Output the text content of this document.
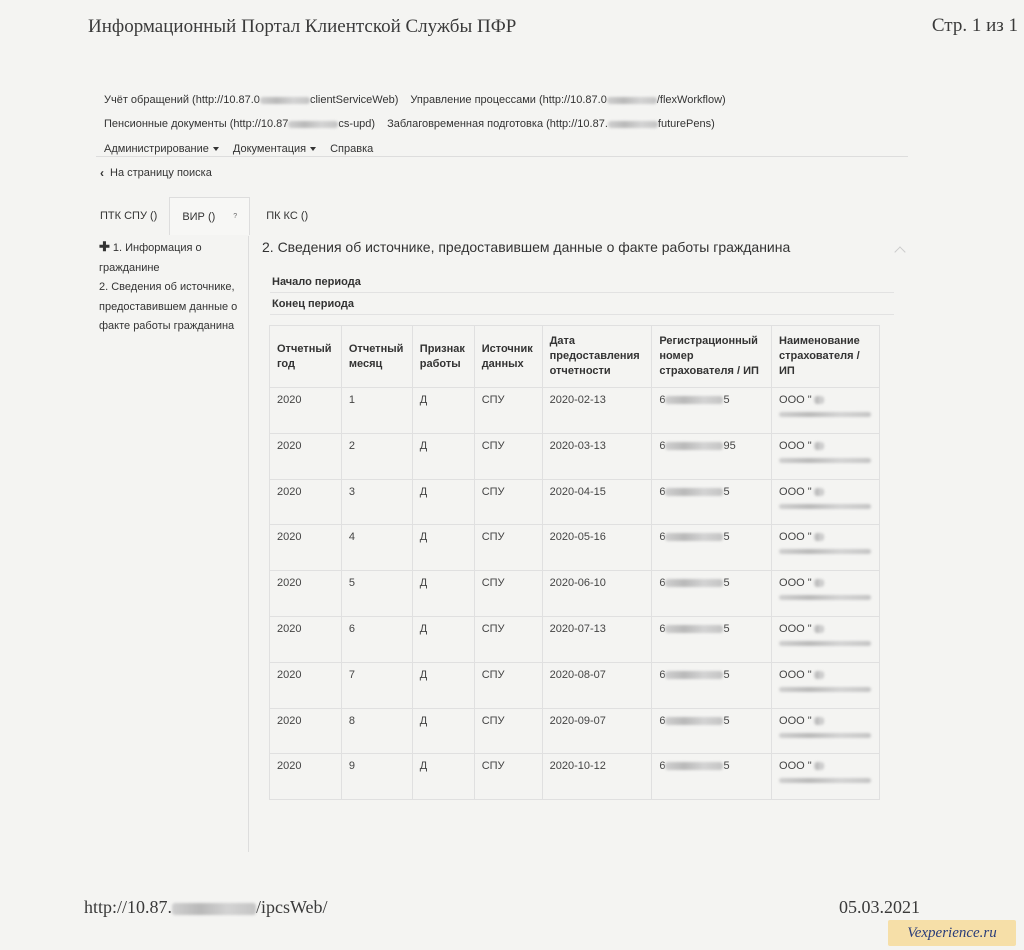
Информационный Портал Клиентской Службы ПФР	Стр. 1 из 1
Учёт обращений (http://10.87.0	clientServiceWeb) Управление процессами (http://10.87.0	/flexWorkflow)
Пенсионные документы (http://10.87	cs-upd) Заблаговременная подготовка (http://10.87.	futurePens)
Администрирование	Документация	Справка
‹ На страницу поиска
ПТК СПУ () ВИР ()	?	ПК КС ()
✚ 1. Информация о гражданине
2. Сведения об источнике, предоставившем данные о факте работы гражданина
2. Сведения об источнике, предоставившем данные о факте работы гражданина
Начало периода
Конец периода
Отчетный год	Отчетный месяц	Признак работы	Источник данных	Дата предоставления отчетности	Регистрационный номер страхователя / ИП	Наименование страхователя / ИП
2020	1	Д	СПУ	2020-02-13	6 5	ООО "

2020	2	Д	СПУ	2020-03-13	6 95	ООО "

2020	3	Д	СПУ	2020-04-15	6 5	ООО "

2020	4	Д	СПУ	2020-05-16	6 5	ООО "

2020	5	Д	СПУ	2020-06-10	6 5	ООО "

2020	6	Д	СПУ	2020-07-13	6 5	ООО "

2020	7	Д	СПУ	2020-08-07	6 5	ООО "

2020	8	Д	СПУ	2020-09-07	6 5	ООО "

2020	9	Д	СПУ	2020-10-12	6 5	ООО "
http://10.87.	/ipcsWeb/	05.03.2021
Vexperience.ru
